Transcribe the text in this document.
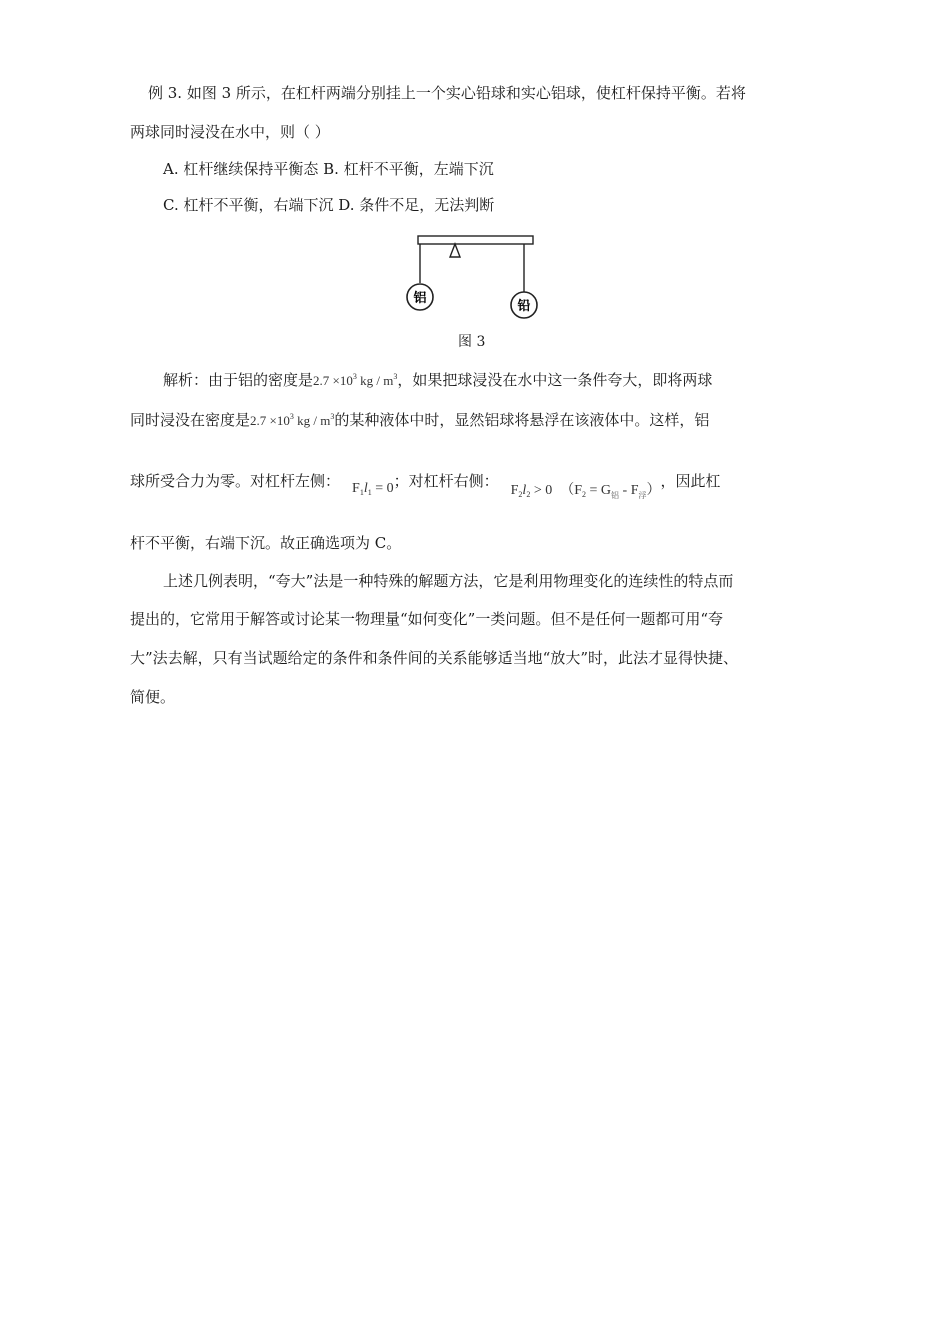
例 3. 如图 3 所示，在杠杆两端分别挂上一个实心铅球和实心铝球，使杠杆保持平衡。若将
两球同时浸没在水中，则（ ）
A. 杠杆继续保持平衡态 B. 杠杆不平衡，左端下沉
C. 杠杆不平衡，右端下沉 D. 条件不足，无法判断
铝
铅
图 3
解析：由于铝的密度是$2.7 \times 10^3$ kg / $m^3$，如果把球浸没在水中这一条件夸大，即将两球
同时浸没在密度是$2.7 \times 10^3$ kg / $m^3$的某种液体中时，显然铝球将悬浮在该液体中。这样，铝
球所受合力为零。对杠杆左侧： $F_1l_1 = 0$；对杠杆右侧：$F_2l_2 > 0$ $(F_2 = G_铝 - F_浮)$，因此杠
杆不平衡，右端下沉。故正确选项为 C。
上述几例表明，“夸大”法是一种特殊的解题方法，它是利用物理变化的连续性的特点而
提出的，它常用于解答或讨论某一物理量“如何变化”一类问题。但不是任何一题都可用“夸
大”法去解，只有当试题给定的条件和条件间的关系能够适当地“放大”时，此法才显得快捷、
简便。
